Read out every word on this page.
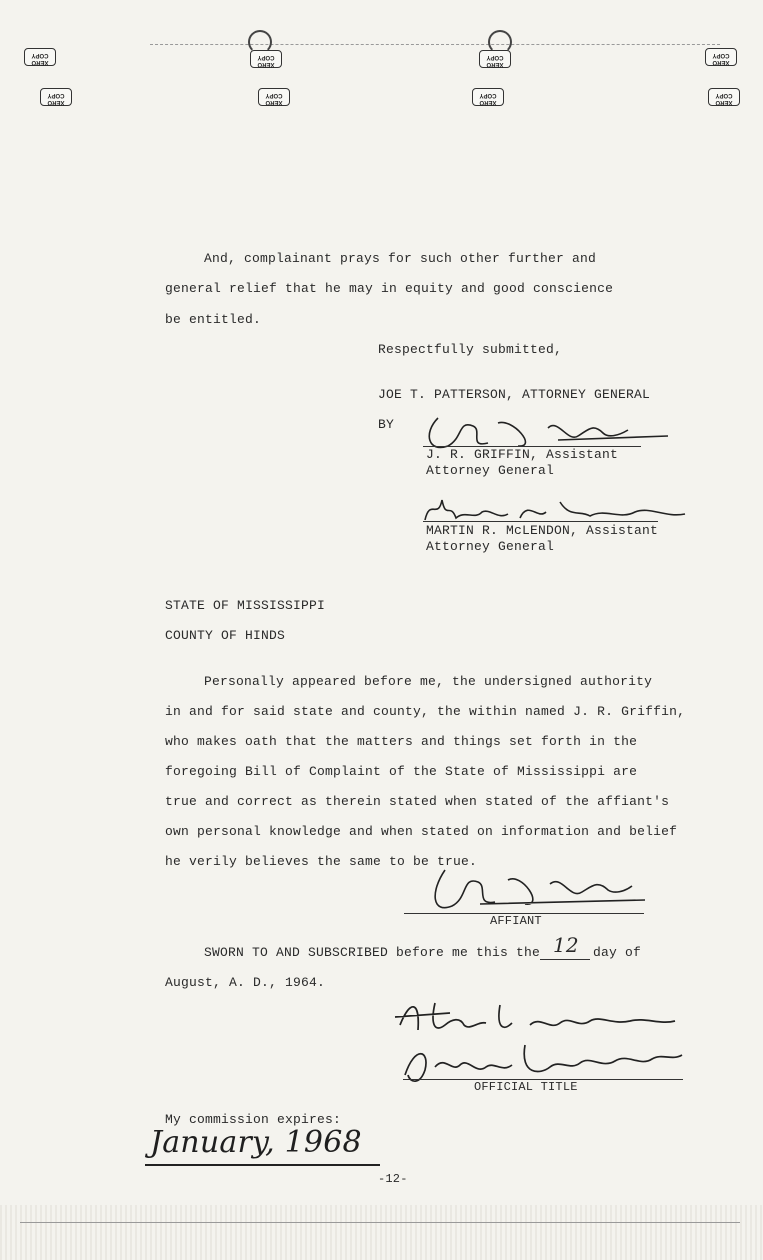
XERO COPY
XERO COPY
XERO COPY
XERO COPY
XERO COPY
XERO COPY
XERO COPY
XERO COPY
And, complainant prays for such other further and
general relief that he may in equity and good conscience
be entitled.
Respectfully submitted,
JOE T. PATTERSON, ATTORNEY GENERAL
BY
J. R. GRIFFIN, Assistant
Attorney General
MARTIN R. McLENDON, Assistant
Attorney General
STATE OF MISSISSIPPI
COUNTY OF HINDS
Personally appeared before me, the undersigned authority
in and for said state and county, the within named J. R. Griffin,
who makes oath that the matters and things set forth in the
foregoing Bill of Complaint of the State of Mississippi are
true and correct as therein stated when stated of the affiant's
own personal knowledge and when stated on information and belief
he verily believes the same to be true.
AFFIANT
SWORN TO AND SUBSCRIBED before me this the 12 day of
August, A. D., 1964.
OFFICIAL TITLE
My commission expires:
January, 1968
-12-
